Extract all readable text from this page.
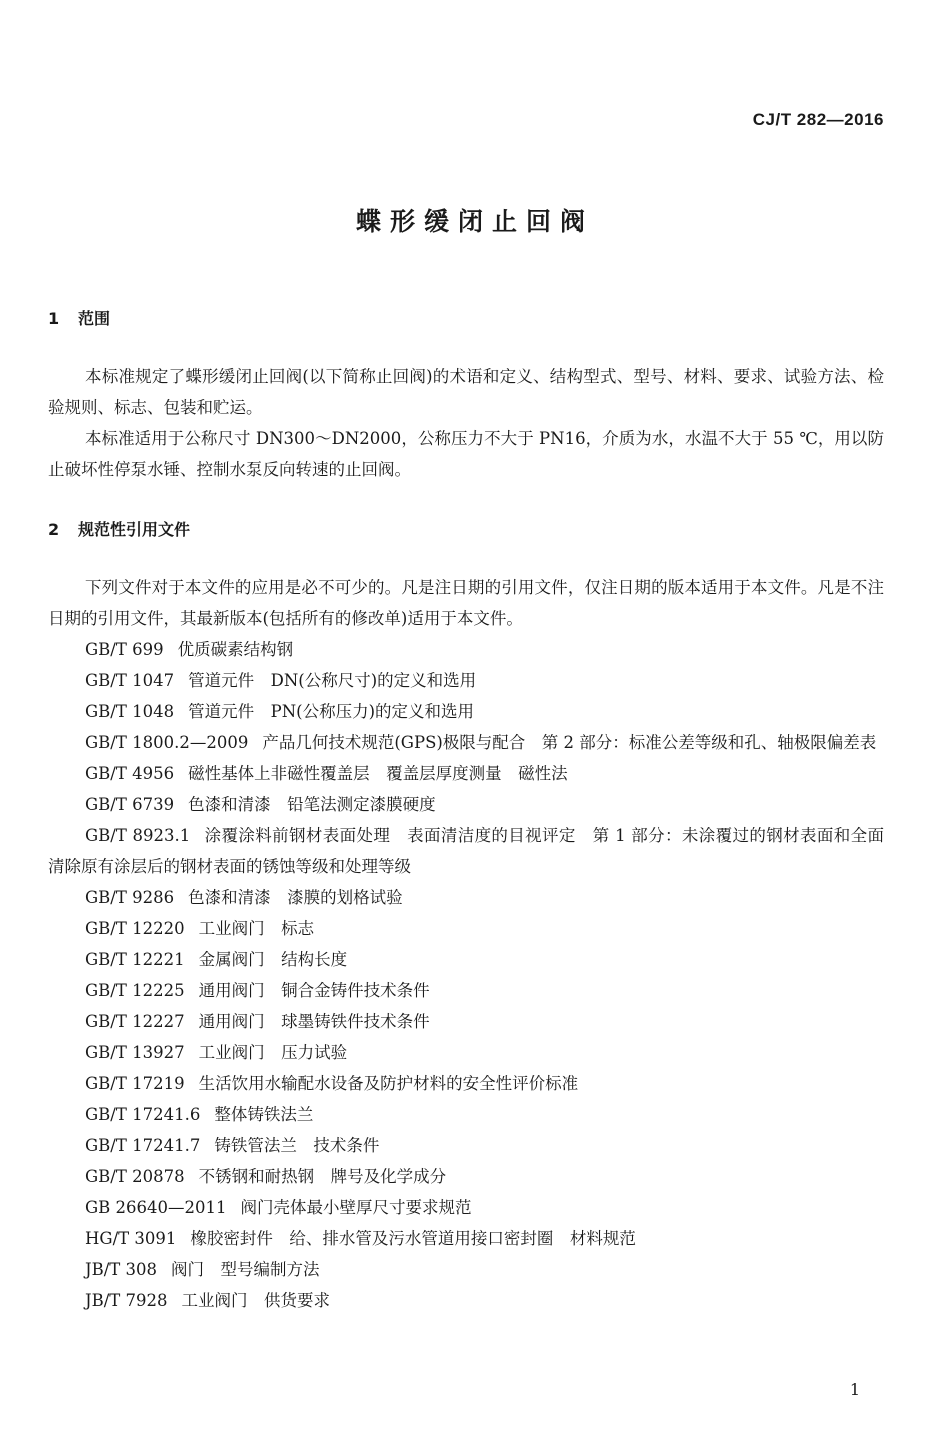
CJ/T 282—2016
蝶形缓闭止回阀
1 范围

本标准规定了蝶形缓闭止回阀(以下简称止回阀)的术语和定义、结构型式、型号、材料、要求、试验方法、检验规则、标志、包装和贮运。

本标准适用于公称尺寸 DN300～DN2000，公称压力不大于 PN16，介质为水，水温不大于 55 ℃，用以防止破坏性停泵水锤、控制水泵反向转速的止回阀。

2 规范性引用文件

下列文件对于本文件的应用是必不可少的。凡是注日期的引用文件，仅注日期的版本适用于本文件。凡是不注日期的引用文件，其最新版本(包括所有的修改单)适用于本文件。

GB/T 699 优质碳素结构钢

GB/T 1047 管道元件　DN(公称尺寸)的定义和选用

GB/T 1048 管道元件　PN(公称压力)的定义和选用

GB/T 1800.2—2009 产品几何技术规范(GPS)极限与配合　第 2 部分：标准公差等级和孔、轴极限偏差表

GB/T 4956 磁性基体上非磁性覆盖层　覆盖层厚度测量　磁性法

GB/T 6739 色漆和清漆　铅笔法测定漆膜硬度

GB/T 8923.1 涂覆涂料前钢材表面处理　表面清洁度的目视评定　第 1 部分：未涂覆过的钢材表面和全面清除原有涂层后的钢材表面的锈蚀等级和处理等级

GB/T 9286 色漆和清漆　漆膜的划格试验

GB/T 12220 工业阀门　标志

GB/T 12221 金属阀门　结构长度

GB/T 12225 通用阀门　铜合金铸件技术条件

GB/T 12227 通用阀门　球墨铸铁件技术条件

GB/T 13927 工业阀门　压力试验

GB/T 17219 生活饮用水输配水设备及防护材料的安全性评价标准

GB/T 17241.6 整体铸铁法兰

GB/T 17241.7 铸铁管法兰　技术条件

GB/T 20878 不锈钢和耐热钢　牌号及化学成分

GB 26640—2011 阀门壳体最小壁厚尺寸要求规范

HG/T 3091 橡胶密封件　给、排水管及污水管道用接口密封圈　材料规范

JB/T 308 阀门　型号编制方法

JB/T 7928 工业阀门　供货要求

1
